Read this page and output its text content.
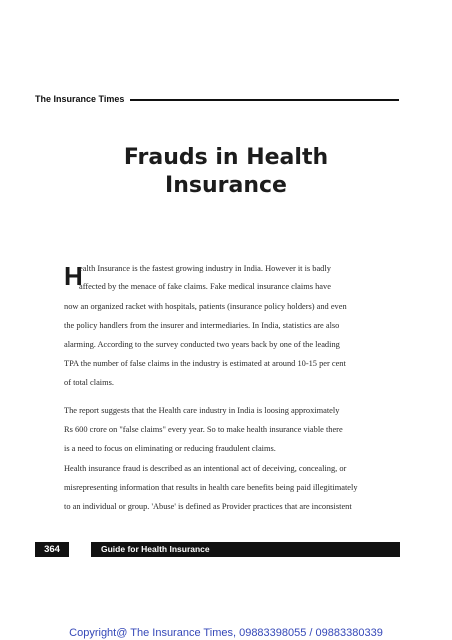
The Insurance Times
Frauds in Health
Insurance
H
ealth Insurance is the fastest growing industry in India. However it is badly
affected by the menace of fake claims. Fake medical insurance claims have
now an organized racket with hospitals, patients (insurance policy holders) and even
the policy handlers from the insurer and intermediaries. In India, statistics are also
alarming. According to the survey conducted two years back by one of the leading
TPA the number of false claims in the industry is estimated at around 10-15 per cent
of total claims.
The report suggests that the Health care industry in India is loosing approximately
Rs 600 crore on "false claims" every year. So to make health insurance viable there
is a need to focus on eliminating or reducing fraudulent claims.
Health insurance fraud is described as an intentional act of deceiving, concealing, or
misrepresenting information that results in health care benefits being paid illegitimately
to an individual or group. 'Abuse' is defined as Provider practices that are inconsistent
364	Guide for Health Insurance
Copyright@ The Insurance Times, 09883398055 / 09883380339
